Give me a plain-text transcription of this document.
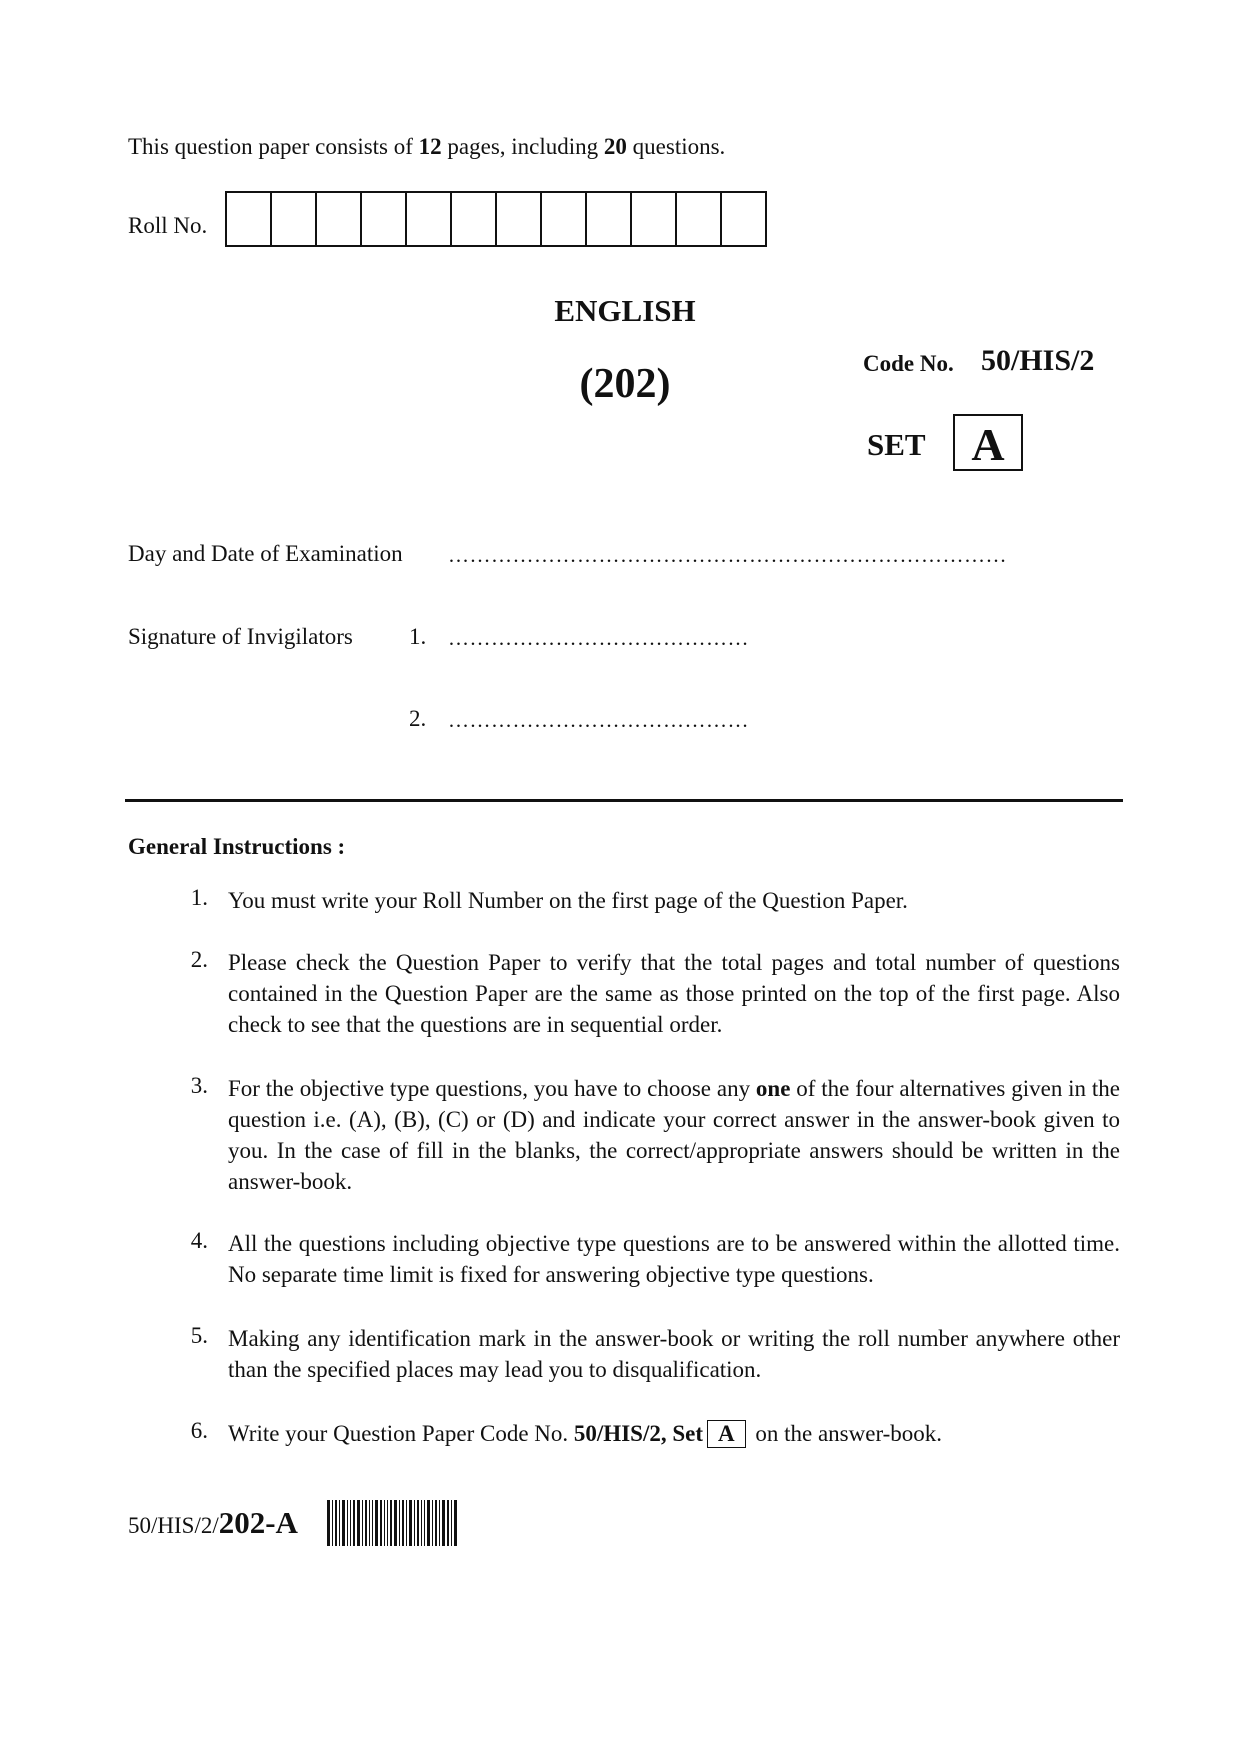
This question paper consists of 12 pages, including 20 questions.
Roll No.
ENGLISH
(202)	Code No. 50/HIS/2
SET A
Day and Date of Examination ……………………………………………………………………
Signature of Invigilators 1. ……………………………………
2. ……………………………………
General Instructions :
1. You must write your Roll Number on the first page of the Question Paper.
2. Please check the Question Paper to verify that the total pages and total number of questions contained in the Question Paper are the same as those printed on the top of the first page. Also check to see that the questions are in sequential order.
3. For the objective type questions, you have to choose any one of the four alternatives given in the question i.e. (A), (B), (C) or (D) and indicate your correct answer in the answer-book given to you. In the case of fill in the blanks, the correct/appropriate answers should be written in the answer-book.
4. All the questions including objective type questions are to be answered within the allotted time. No separate time limit is fixed for answering objective type questions.
5. Making any identification mark in the answer-book or writing the roll number anywhere other than the specified places may lead you to disqualification.
6. Write your Question Paper Code No. 50/HIS/2, Set A on the answer-book.
50/HIS/2/202-A
